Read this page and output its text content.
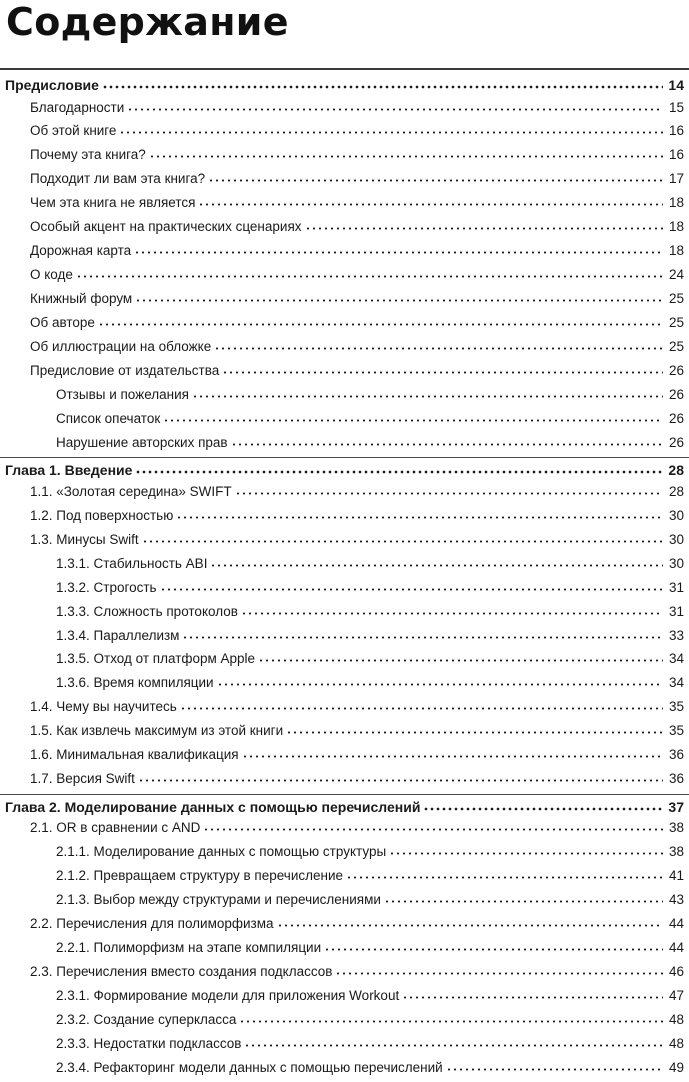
Содержание
Предисловие	14
Благодарности	15
Об этой книге	16
Почему эта книга?	16
Подходит ли вам эта книга?	17
Чем эта книга не является	18
Особый акцент на практических сценариях	18
Дорожная карта	18
О коде	24
Книжный форум	25
Об авторе	25
Об иллюстрации на обложке	25
Предисловие от издательства	26
Отзывы и пожелания	26
Список опечаток	26
Нарушение авторских прав	26
Глава 1. Введение	28
1.1. «Золотая середина» SWIFT	28
1.2. Под поверхностью	30
1.3. Минусы Swift	30
1.3.1. Стабильность ABI	30
1.3.2. Строгость	31
1.3.3. Сложность протоколов	31
1.3.4. Параллелизм	33
1.3.5. Отход от платформ Apple	34
1.3.6. Время компиляции	34
1.4. Чему вы научитесь	35
1.5. Как извлечь максимум из этой книги	35
1.6. Минимальная квалификация	36
1.7. Версия Swift	36
Глава 2. Моделирование данных с помощью перечислений	37
2.1. OR в сравнении с AND	38
2.1.1. Моделирование данных с помощью структуры	38
2.1.2. Превращаем структуру в перечисление	41
2.1.3. Выбор между структурами и перечислениями	43
2.2. Перечисления для полиморфизма	44
2.2.1. Полиморфизм на этапе компиляции	44
2.3. Перечисления вместо создания подклассов	46
2.3.1. Формирование модели для приложения Workout	47
2.3.2. Создание суперкласса	48
2.3.3. Недостатки подклассов	48
2.3.4. Рефакторинг модели данных с помощью перечислений	49
